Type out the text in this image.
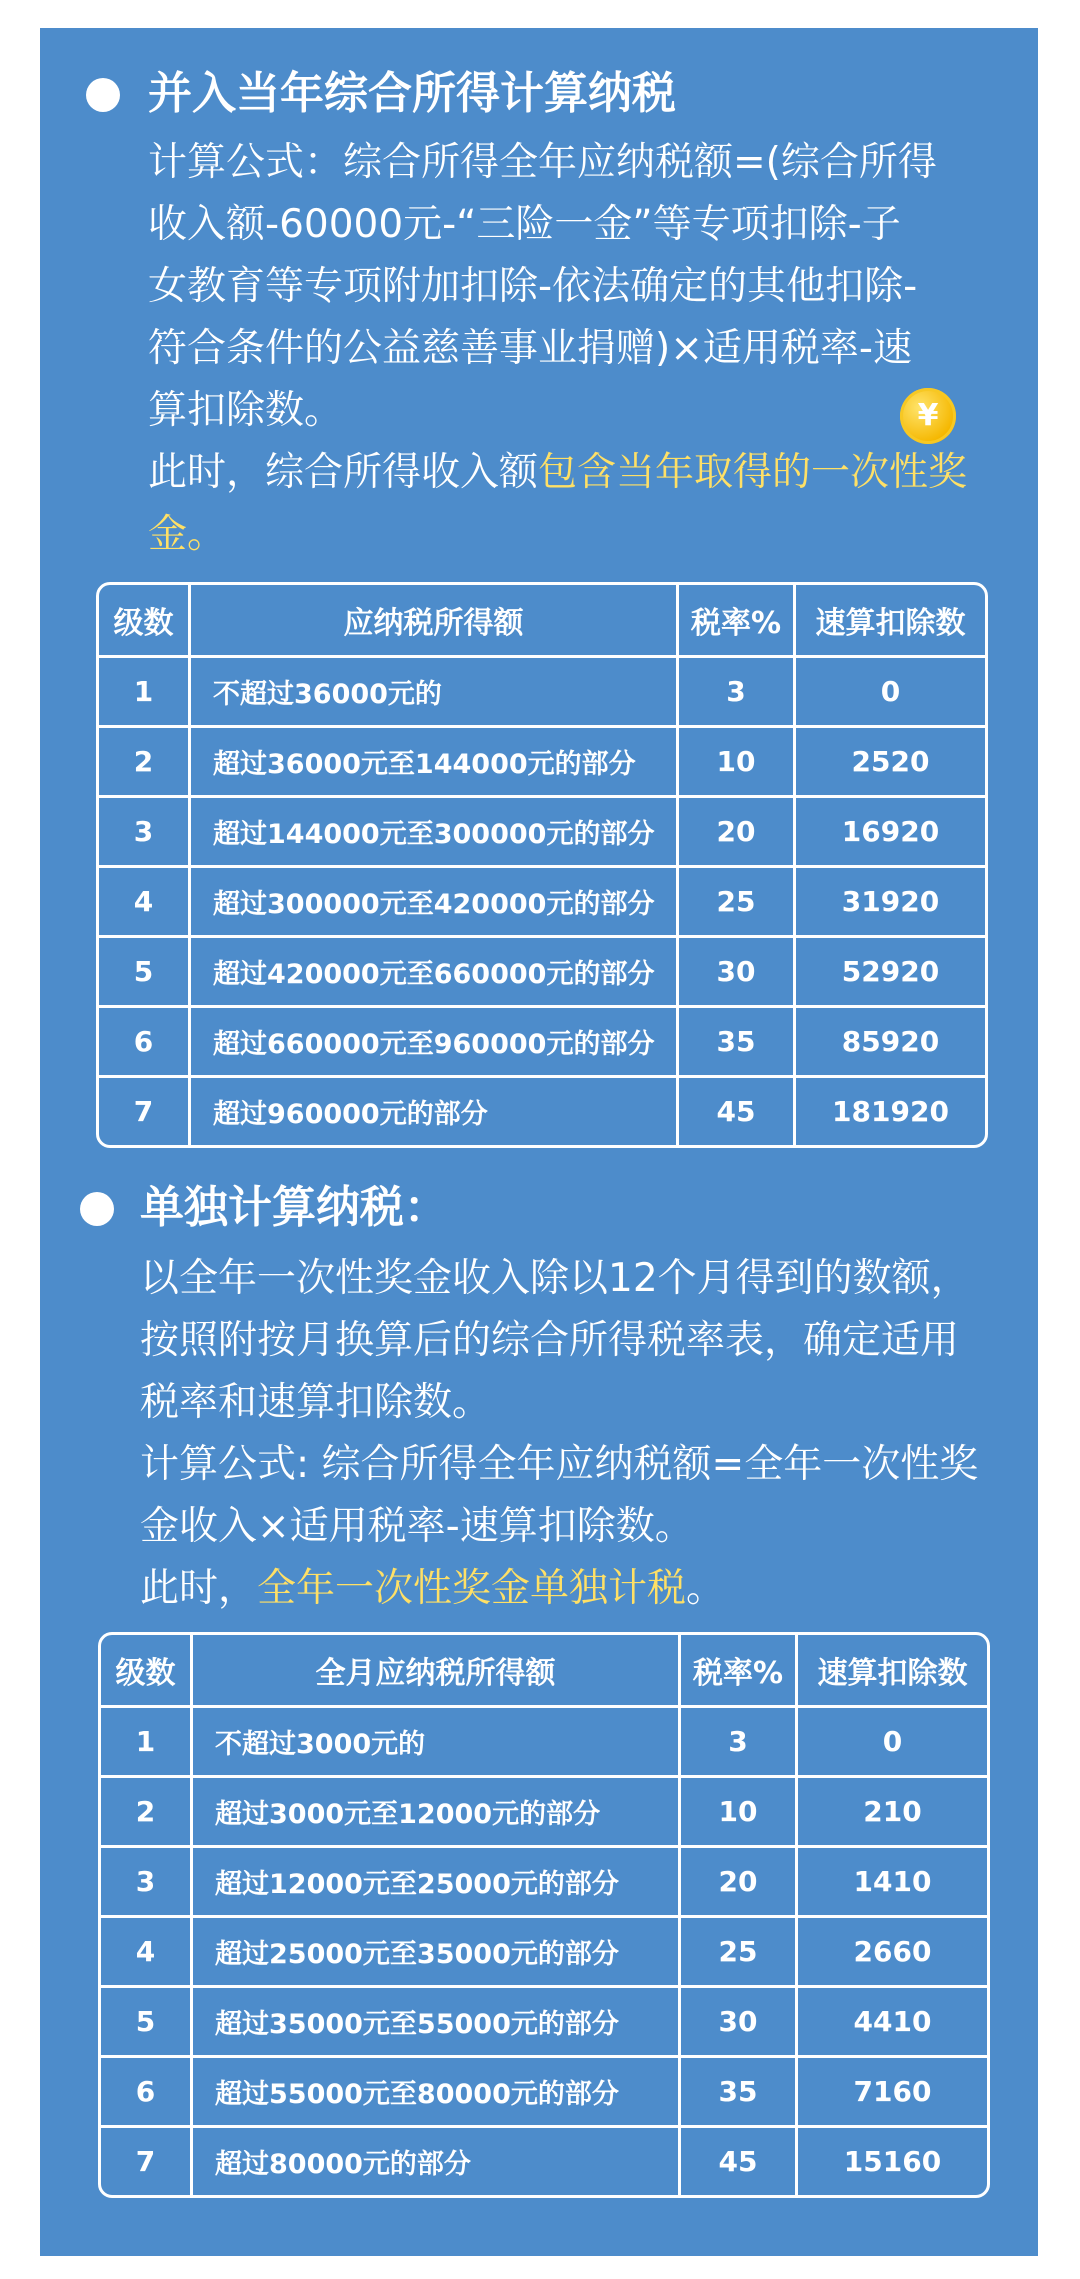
并入当年综合所得计算纳税
计算公式：综合所得全年应纳税额=(综合所得
收入额-60000元-“三险一金”等专项扣除-子
女教育等专项附加扣除-依法确定的其他扣除-
符合条件的公益慈善事业捐赠)×适用税率-速
算扣除数。
此时，综合所得收入额包含当年取得的一次性奖
金。
¥
级数	应纳税所得额	税率%	速算扣除数
1	不超过36000元的	3	0
2	超过36000元至144000元的部分	10	2520
3	超过144000元至300000元的部分	20	16920
4	超过300000元至420000元的部分	25	31920
5	超过420000元至660000元的部分	30	52920
6	超过660000元至960000元的部分	35	85920
7	超过960000元的部分	45	181920
单独计算纳税：
以全年一次性奖金收入除以12个月得到的数额，
按照附按月换算后的综合所得税率表，确定适用
税率和速算扣除数。
计算公式: 综合所得全年应纳税额=全年一次性奖
金收入×适用税率-速算扣除数。
此时，全年一次性奖金单独计税。
级数	全月应纳税所得额	税率%	速算扣除数
1	不超过3000元的	3	0
2	超过3000元至12000元的部分	10	210
3	超过12000元至25000元的部分	20	1410
4	超过25000元至35000元的部分	25	2660
5	超过35000元至55000元的部分	30	4410
6	超过55000元至80000元的部分	35	7160
7	超过80000元的部分	45	15160
